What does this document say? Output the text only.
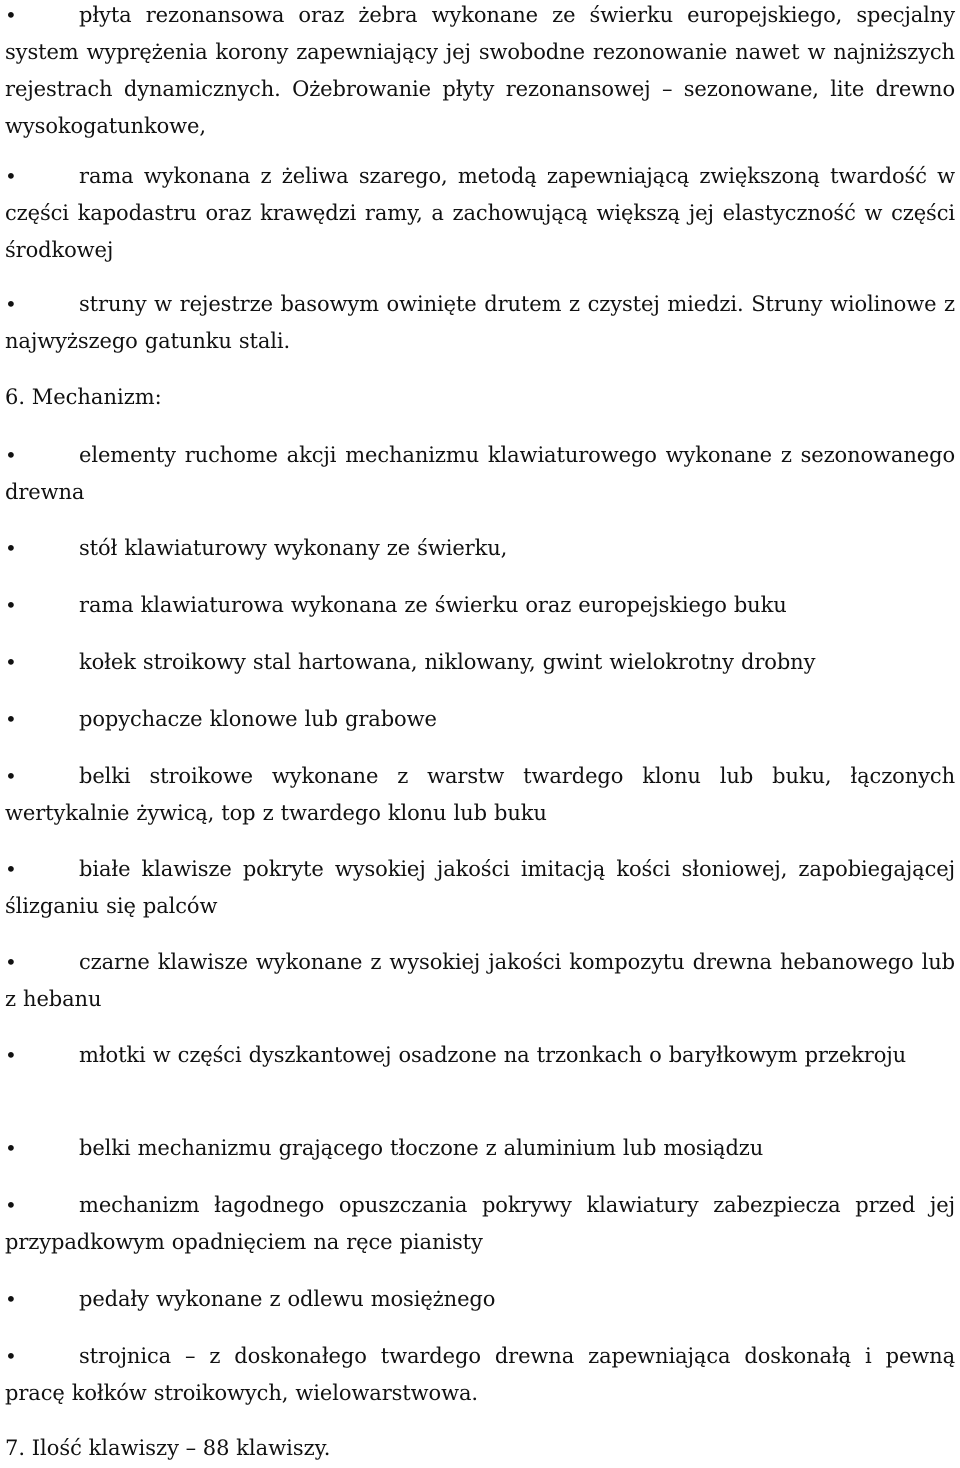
• płyta rezonansowa oraz żebra wykonane ze świerku europejskiego, specjalny system wyprężenia korony zapewniający jej swobodne rezonowanie nawet w najniższych rejestrach dynamicznych. Ożebrowanie płyty rezonansowej – sezonowane, lite drewno wysokogatunkowe,

• rama wykonana z żeliwa szarego, metodą zapewniającą zwiększoną twardość w części kapodastru oraz krawędzi ramy, a zachowującą większą jej elastyczność w części środkowej

• struny w rejestrze basowym owinięte drutem z czystej miedzi. Struny wiolinowe z najwyższego gatunku stali.

6. Mechanizm:

• elementy ruchome akcji mechanizmu klawiaturowego wykonane z sezonowanego drewna

• stół klawiaturowy wykonany ze świerku,

• rama klawiaturowa wykonana ze świerku oraz europejskiego buku

• kołek stroikowy stal hartowana, niklowany, gwint wielokrotny drobny

• popychacze klonowe lub grabowe

• belki stroikowe wykonane z warstw twardego klonu lub buku, łączonych wertykalnie żywicą, top z twardego klonu lub buku

• białe klawisze pokryte wysokiej jakości imitacją kości słoniowej, zapobiegającej ślizganiu się palców

• czarne klawisze wykonane z wysokiej jakości kompozytu drewna hebanowego lub z hebanu

• młotki w części dyszkantowej osadzone na trzonkach o baryłkowym przekroju

• belki mechanizmu grającego tłoczone z aluminium lub mosiądzu

• mechanizm łagodnego opuszczania pokrywy klawiatury zabezpiecza przed jej przypadkowym opadnięciem na ręce pianisty

• pedały wykonane z odlewu mosiężnego

• strojnica – z doskonałego twardego drewna zapewniająca doskonałą i pewną pracę kołków stroikowych, wielowarstwowa.

7. Ilość klawiszy – 88 klawiszy.
